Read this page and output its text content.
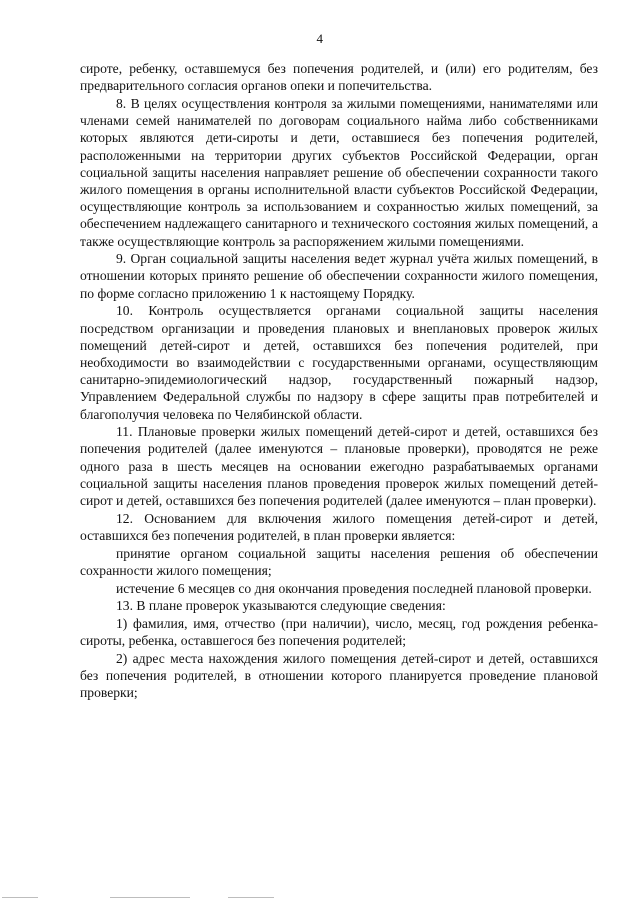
4

сироте, ребенку, оставшемуся без попечения родителей, и (или) его родителям, без предварительного согласия органов опеки и попечительства.

8. В целях осуществления контроля за жилыми помещениями, нанимателями или членами семей нанимателей по договорам социального найма либо собственниками которых являются дети-сироты и дети, оставшиеся без попечения родителей, расположенными на территории других субъектов Российской Федерации, орган социальной защиты населения направляет решение об обеспечении сохранности такого жилого помещения в органы исполнительной власти субъектов Российской Федерации, осуществляющие контроль за использованием и сохранностью жилых помещений, за обеспечением надлежащего санитарного и технического состояния жилых помещений, а также осуществляющие контроль за распоряжением жилыми помещениями.

9. Орган социальной защиты населения ведет журнал учёта жилых помещений, в отношении которых принято решение об обеспечении сохранности жилого помещения, по форме согласно приложению 1 к настоящему Порядку.

10. Контроль осуществляется органами социальной защиты населения посредством организации и проведения плановых и внеплановых проверок жилых помещений детей-сирот и детей, оставшихся без попечения родителей, при необходимости во взаимодействии с государственными органами, осуществляющим санитарно-эпидемиологический надзор, государственный пожарный надзор, Управлением Федеральной службы по надзору в сфере защиты прав потребителей и благополучия человека по Челябинской области.

11. Плановые проверки жилых помещений детей-сирот и детей, оставшихся без попечения родителей (далее именуются – плановые проверки), проводятся не реже одного раза в шесть месяцев на основании ежегодно разрабатываемых органами социальной защиты населения планов проведения проверок жилых помещений детей-сирот и детей, оставшихся без попечения родителей (далее именуются – план проверки).

12. Основанием для включения жилого помещения детей-сирот и детей, оставшихся без попечения родителей, в план проверки является:

принятие органом социальной защиты населения решения об обеспечении сохранности жилого помещения;

истечение 6 месяцев со дня окончания проведения последней плановой проверки.

13. В плане проверок указываются следующие сведения:

1) фамилия, имя, отчество (при наличии), число, месяц, год рождения ребенка-сироты, ребенка, оставшегося без попечения родителей;

2) адрес места нахождения жилого помещения детей-сирот и детей, оставшихся без попечения родителей, в отношении которого планируется проведение плановой проверки;
